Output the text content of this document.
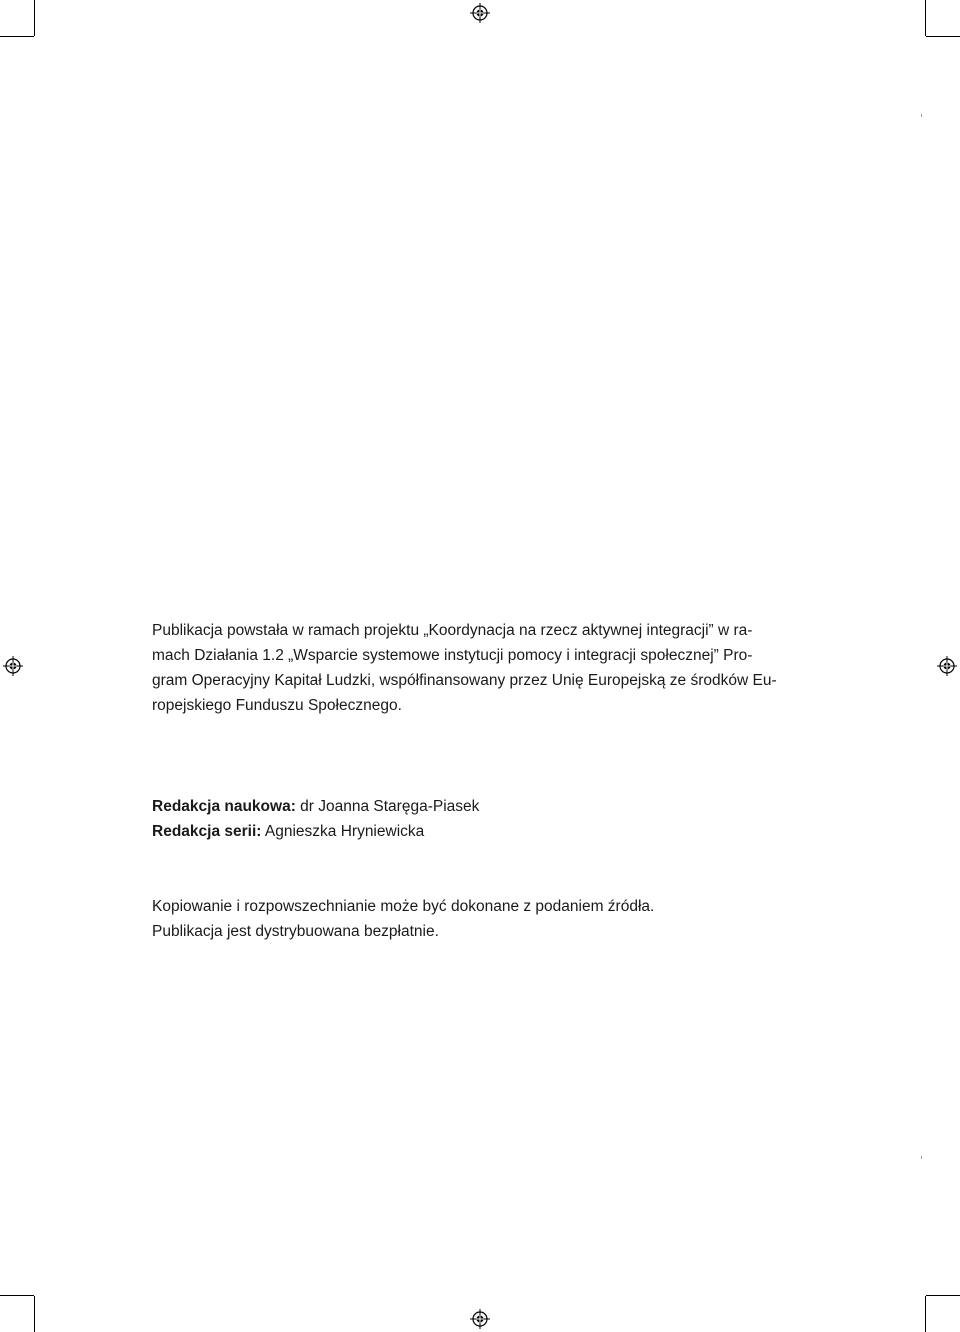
Publikacja powstała w ramach projektu „Koordynacja na rzecz aktywnej integracji” w ra-
mach Działania 1.2 „Wsparcie systemowe instytucji pomocy i integracji społecznej” Pro-
gram Operacyjny Kapitał Ludzki, współfinansowany przez Unię Europejską ze środków Eu-
ropejskiego Funduszu Społecznego.

Redakcja naukowa: dr Joanna Staręga-Piasek
Redakcja serii: Agnieszka Hryniewicka
Kopiowanie i rozpowszechnianie może być dokonane z podaniem źródła.
Publikacja jest dystrybuowana bezpłatnie.
